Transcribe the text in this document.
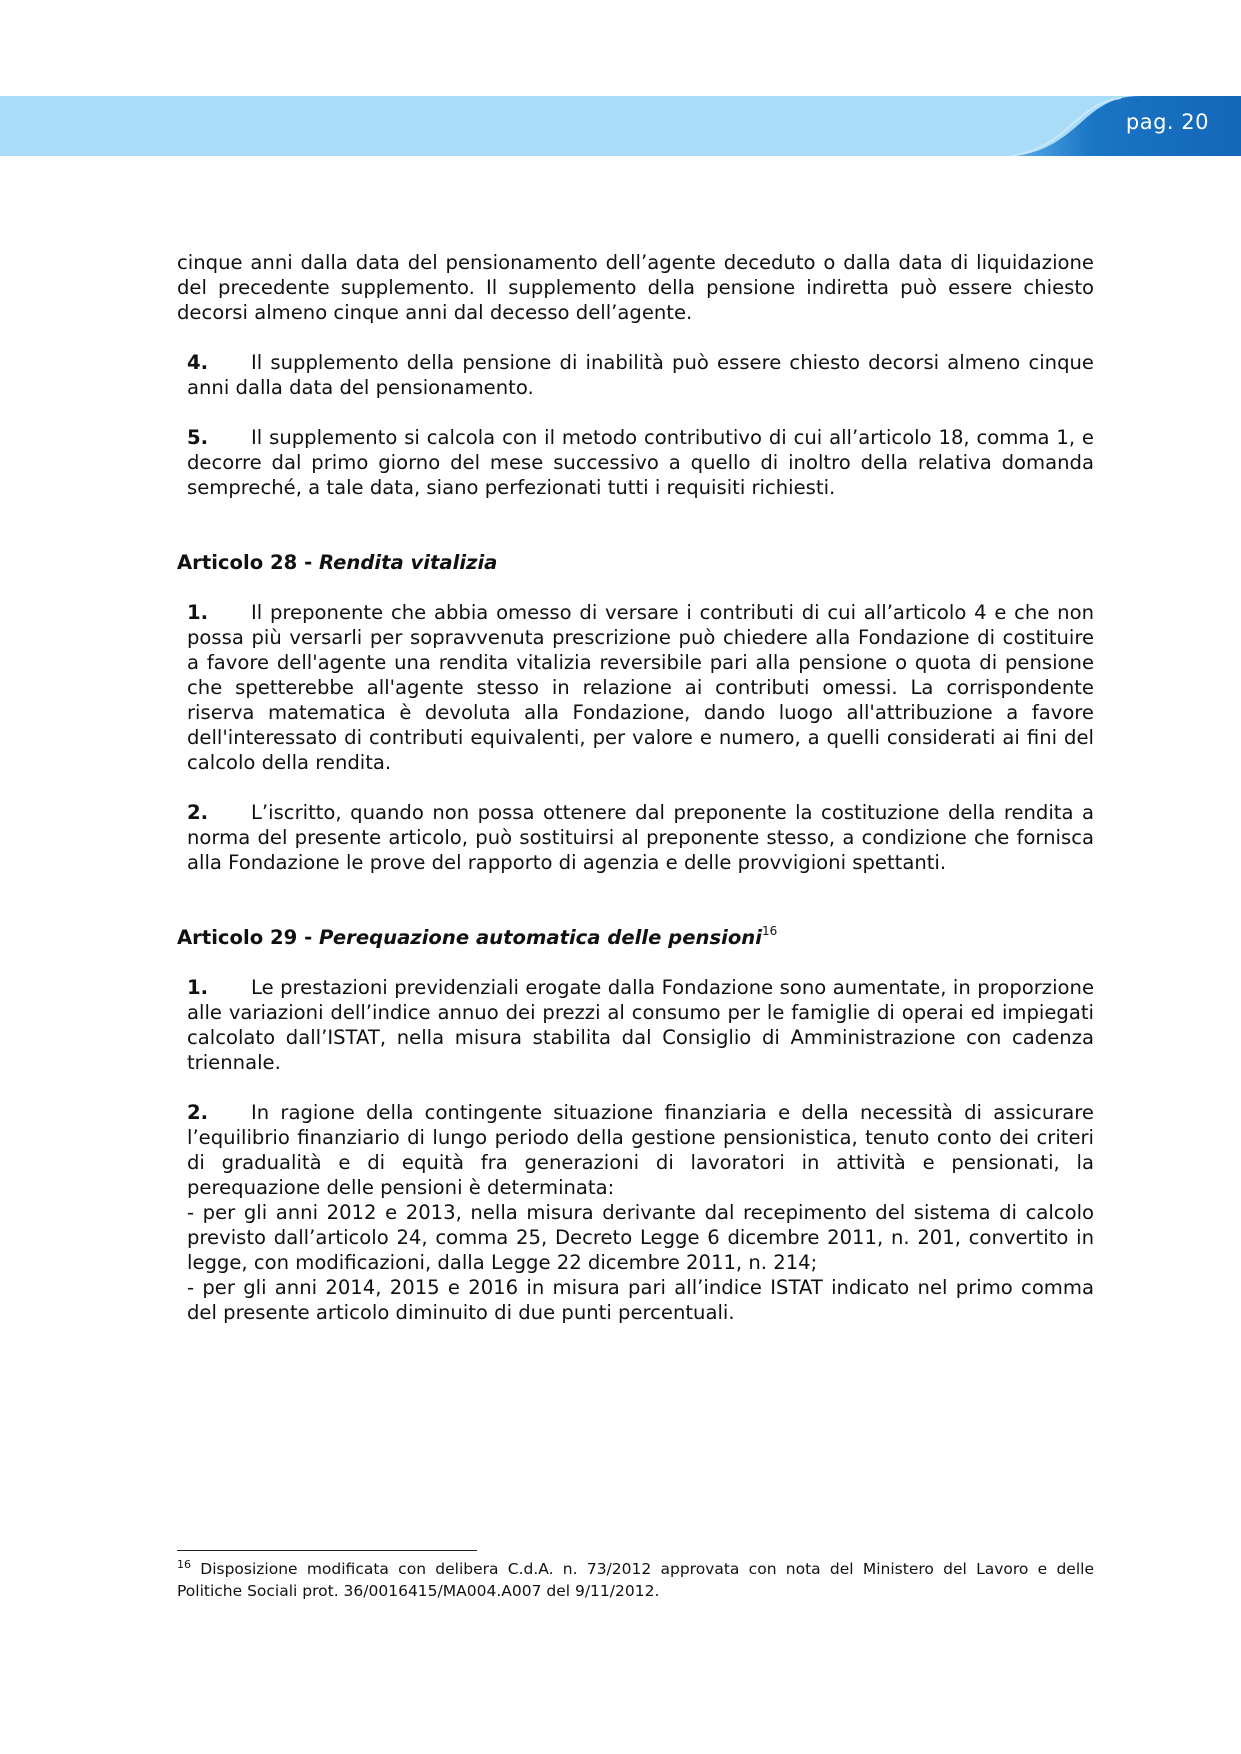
pag. 20

cinque anni dalla data del pensionamento dell’agente deceduto o dalla data di liquidazione del precedente supplemento. Il supplemento della pensione indiretta può essere chiesto decorsi almeno cinque anni dal decesso dell’agente.

4. Il supplemento della pensione di inabilità può essere chiesto decorsi almeno cinque anni dalla data del pensionamento.

5. Il supplemento si calcola con il metodo contributivo di cui all’articolo 18, comma 1, e decorre dal primo giorno del mese successivo a quello di inoltro della relativa domanda sempreché, a tale data, siano perfezionati tutti i requisiti richiesti.

Articolo 28 - Rendita vitalizia

1. Il preponente che abbia omesso di versare i contributi di cui all’articolo 4 e che non possa più versarli per sopravvenuta prescrizione può chiedere alla Fondazione di costituire a favore dell'agente una rendita vitalizia reversibile pari alla pensione o quota di pensione che spetterebbe all'agente stesso in relazione ai contributi omessi. La corrispondente riserva matematica è devoluta alla Fondazione, dando luogo all'attribuzione a favore dell'interessato di contributi equivalenti, per valore e numero, a quelli considerati ai fini del calcolo della rendita.

2. L’iscritto, quando non possa ottenere dal preponente la costituzione della rendita a norma del presente articolo, può sostituirsi al preponente stesso, a condizione che fornisca alla Fondazione le prove del rapporto di agenzia e delle provvigioni spettanti.

Articolo 29 - Perequazione automatica delle pensioni$^{16}$

1. Le prestazioni previdenziali erogate dalla Fondazione sono aumentate, in proporzione alle variazioni dell’indice annuo dei prezzi al consumo per le famiglie di operai ed impiegati calcolato dall’ISTAT, nella misura stabilita dal Consiglio di Amministrazione con cadenza triennale.

2. In ragione della contingente situazione finanziaria e della necessità di assicurare l’equilibrio finanziario di lungo periodo della gestione pensionistica, tenuto conto dei criteri di gradualità e di equità fra generazioni di lavoratori in attività e pensionati, la perequazione delle pensioni è determinata:
- per gli anni 2012 e 2013, nella misura derivante dal recepimento del sistema di calcolo previsto dall’articolo 24, comma 25, Decreto Legge 6 dicembre 2011, n. 201, convertito in legge, con modificazioni, dalla Legge 22 dicembre 2011, n. 214;
- per gli anni 2014, 2015 e 2016 in misura pari all’indice ISTAT indicato nel primo comma del presente articolo diminuito di due punti percentuali.

$^{16}$ Disposizione modificata con delibera C.d.A. n. 73/2012 approvata con nota del Ministero del Lavoro e delle Politiche Sociali prot. 36/0016415/MA004.A007 del 9/11/2012.
